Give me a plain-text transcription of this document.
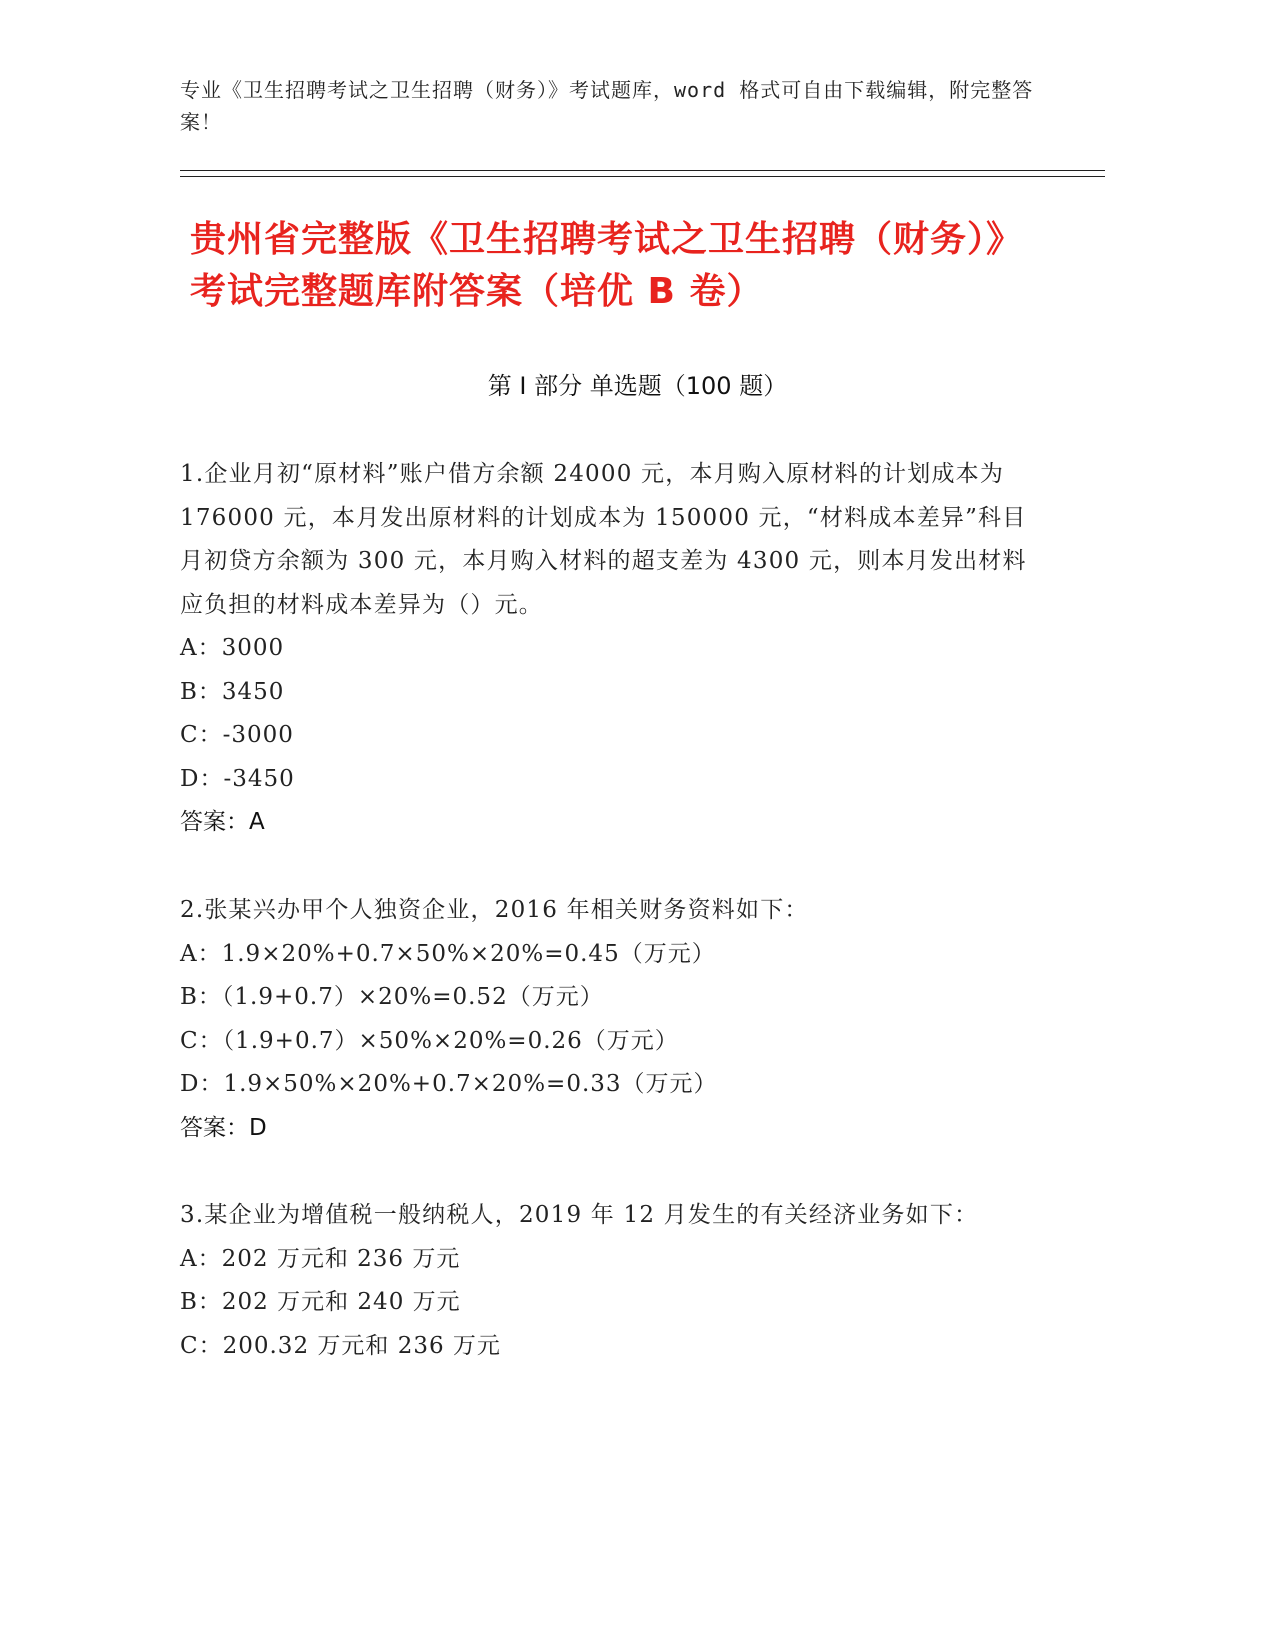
专业《卫生招聘考试之卫生招聘（财务）》考试题库，word 格式可自由下载编辑，附完整答案！
贵州省完整版《卫生招聘考试之卫生招聘（财务）》考试完整题库附答案（培优 B 卷）
第 I 部分 单选题（100 题）
1.企业月初“原材料”账户借方余额 24000 元，本月购入原材料的计划成本为 176000 元，本月发出原材料的计划成本为 150000 元，“材料成本差异”科目月初贷方余额为 300 元，本月购入材料的超支差为 4300 元，则本月发出材料应负担的材料成本差异为（）元。
A：3000
B：3450
C：-3000
D：-3450
答案：A
2.张某兴办甲个人独资企业，2016 年相关财务资料如下：
A：1.9×20%+0.7×50%×20%=0.45（万元）
B：（1.9+0.7）×20%=0.52（万元）
C：（1.9+0.7）×50%×20%=0.26（万元）
D：1.9×50%×20%+0.7×20%=0.33（万元）
答案：D
3.某企业为增值税一般纳税人，2019 年 12 月发生的有关经济业务如下：
A：202 万元和 236 万元
B：202 万元和 240 万元
C：200.32 万元和 236 万元
